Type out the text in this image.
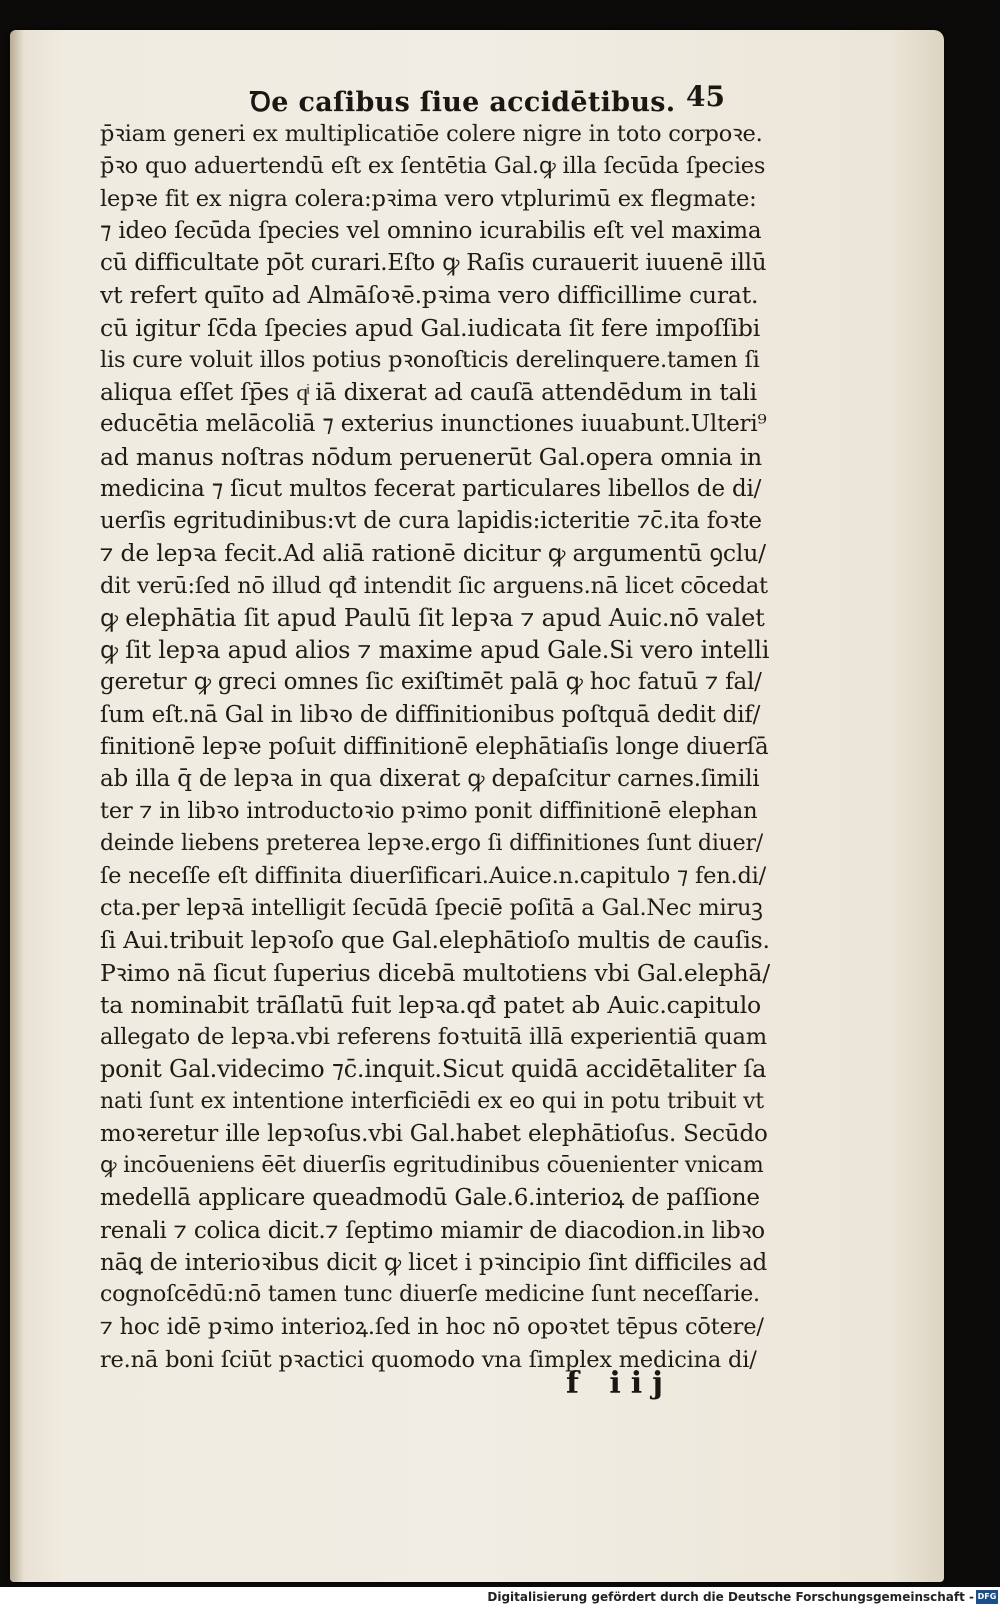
Ꝺe caſibus ſiue accidētibus. 45
p̄ꝛiam generi ex multiplicatiōe colere nigre in toto corpoꝛe.
p̄ꝛo quo aduertendū eſt ex ſentētia Gal.ꝙ illa ſecūda ſpecies
lepꝛe fit ex nigra colera:pꝛima vero vtplurimū ex flegmate:
⁊ ideo ſecūda ſpecies vel omnino icurabilis eſt vel maxima
cū difficultate pōt curari.Eſto ꝙ Raſis curauerit iuuenē illū
vt refert quīto ad Almāſoꝛē.pꝛima vero difficillime curat.
cū igitur ſc̄da ſpecies apud Gal.iudicata ſit fere impoſſibi
lis cure voluit illos potius pꝛonoſticis derelinquere.tamen ſi
aliqua eſſet ſp̄es qͥ iā dixerat ad cauſā attendēdum in tali
educētia melācoliā ⁊ exterius inunctiones iuuabunt.Ulteri⁹
ad manus noſtras nōdum peruenerūt Gal.opera omnia in
medicina ⁊ ſicut multos fecerat particulares libellos de di/
uerſis egritudinibus:vt de cura lapidis:icteritie ⁊c̄.ita foꝛte
⁊ de lepꝛa fecit.Ad aliā rationē dicitur ꝙ argumentū ꝯclu/
dit verū:ſed nō illud qđ intendit ſic arguens.nā licet cōcedat
ꝙ elephātia ſit apud Paulū ſit lepꝛa ⁊ apud Auic.nō valet
ꝙ ſit lepꝛa apud alios ⁊ maxime apud Gale.Si vero intelli
geretur ꝙ greci omnes ſic exiſtimēt palā ꝙ hoc fatuū ⁊ fal/
ſum eſt.nā Gal in libꝛo de diffinitionibus poſtquā dedit dif/
finitionē lepꝛe poſuit diffinitionē elephātiaſis longe diuerſā
ab illa q̄ de lepꝛa in qua dixerat ꝙ depaſcitur carnes.ſimili
ter ⁊ in libꝛo introductoꝛio pꝛimo ponit diffinitionē elephan
deinde liebens preterea lepꝛe.ergo ſi diffinitiones ſunt diuer/
ſe neceſſe eſt diffinita diuerſificari.Auice.n.capitulo ⁊ fen.di/
cta.per lepꝛā intelligit ſecūdā ſpeciē poſitā a Gal.Nec miruꝫ
ſi Aui.tribuit lepꝛoſo que Gal.elephātioſo multis de cauſis.
Pꝛimo nā ſicut ſuperius dicebā multotiens vbi Gal.elephā/
ta nominabit trāſlatū fuit lepꝛa.qđ patet ab Auic.capitulo
allegato de lepꝛa.vbi referens foꝛtuitā illā experientiā quam
ponit Gal.videcimo ⁊c̄.inquit.Sicut quidā accidētaliter ſa
nati ſunt ex intentione interficiēdi ex eo qui in potu tribuit vt
moꝛeretur ille lepꝛoſus.vbi Gal.habet elephātioſus. Secūdo
ꝙ incōueniens ēēt diuerſis egritudinibus cōuenienter vnicam
medellā applicare queadmodū Gale.6.interioꝝ de paſſione
renali ⁊ colica dicit.⁊ ſeptimo miamir de diacodion.in libꝛo
nāꝗ de interioꝛibus dicit ꝙ licet i pꝛincipio ſint difficiles ad
cognoſcēdū:nō tamen tunc diuerſe medicine ſunt neceſſarie.
⁊ hoc idē pꝛimo interioꝝ.ſed in hoc nō opoꝛtet tēpus cōtere/
re.nā boni ſciūt pꝛactici quomodo vna ſimplex medicina di/
f iij
Digitalisierung gefördert durch die Deutsche Forschungsgemeinschaft - DFG
